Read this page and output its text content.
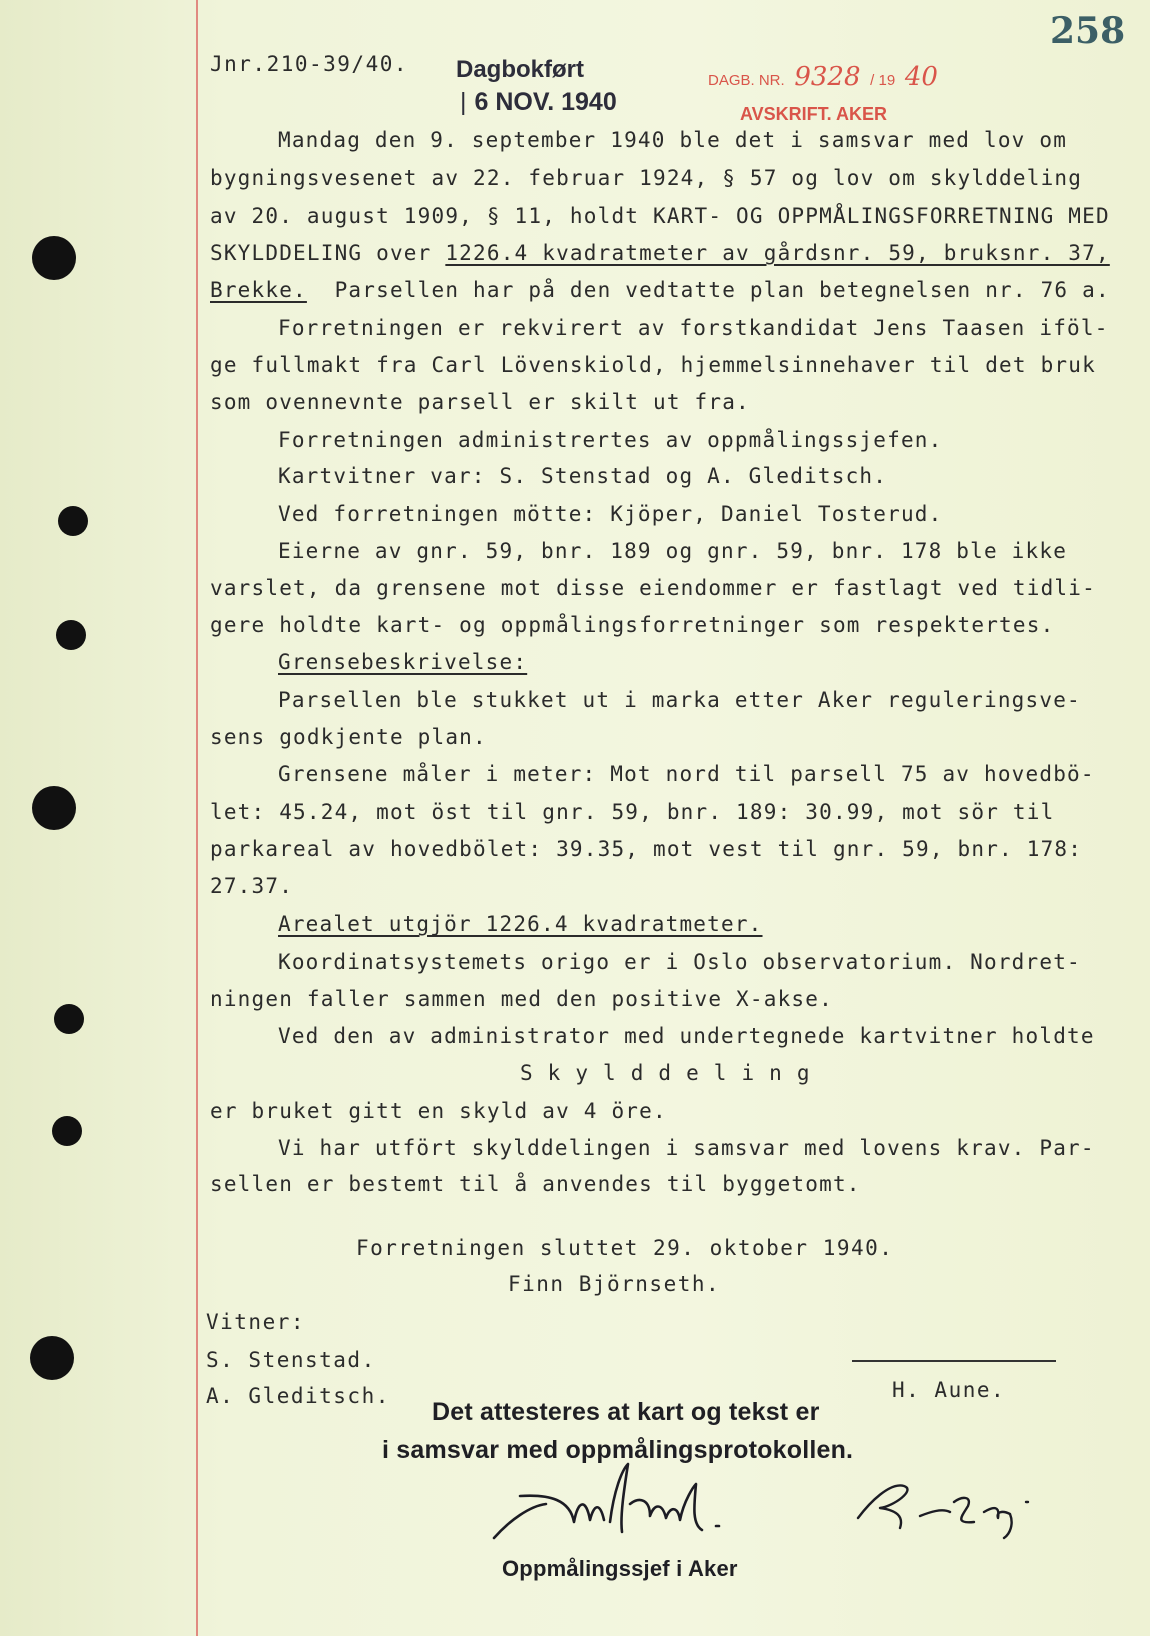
258
Jnr.210-39/40. Dagbokført
| 6 NOV. 1940
DAGB. NR. 9328 / 19 40
AVSKRIFT. AKER
Mandag den 9. september 1940 ble det i samsvar med lov om
bygningsvesenet av 22. februar 1924, § 57 og lov om skylddeling
av 20. august 1909, § 11, holdt KART- OG OPPMÅLINGSFORRETNING MED
SKYLDDELING over 1226.4 kvadratmeter av gårdsnr. 59, bruksnr. 37,
Brekke.  Parsellen har på den vedtatte plan betegnelsen nr. 76 a.
Forretningen er rekvirert av forstkandidat Jens Taasen iföl-
ge fullmakt fra Carl Lövenskiold, hjemmelsinnehaver til det bruk
som ovennevnte parsell er skilt ut fra.
Forretningen administrertes av oppmålingssjefen.
Kartvitner var: S. Stenstad og A. Gleditsch.
Ved forretningen mötte: Kjöper, Daniel Tosterud.
Eierne av gnr. 59, bnr. 189 og gnr. 59, bnr. 178 ble ikke
varslet, da grensene mot disse eiendommer er fastlagt ved tidli-
gere holdte kart- og oppmålingsforretninger som respektertes.
Grensebeskrivelse:
Parsellen ble stukket ut i marka etter Aker reguleringsve-
sens godkjente plan.
Grensene måler i meter: Mot nord til parsell 75 av hovedbö-
let: 45.24, mot öst til gnr. 59, bnr. 189: 30.99, mot sör til
parkareal av hovedbölet: 39.35, mot vest til gnr. 59, bnr. 178:
27.37.
Arealet utgjör 1226.4 kvadratmeter.
Koordinatsystemets origo er i Oslo observatorium. Nordret-
ningen faller sammen med den positive X-akse.
Ved den av administrator med undertegnede kartvitner holdte
S k y l d d e l i n g
er bruket gitt en skyld av 4 öre.
Vi har utfört skylddelingen i samsvar med lovens krav. Par-
sellen er bestemt til å anvendes til byggetomt.
Forretningen sluttet 29. oktober 1940.
Finn Björnseth.
Vitner:
S. Stenstad.
A. Gleditsch.	H. Aune.
Det attesteres at kart og tekst er
i samsvar med oppmålingsprotokollen.
Oppmålingssjef i Aker
